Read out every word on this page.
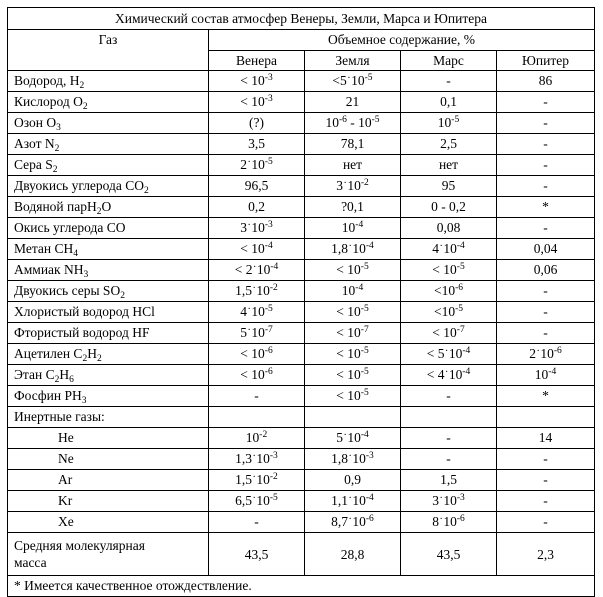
Химический состав атмосфер Венеры, Земли, Марса и Юпитера				
Газ	Объемное содержание, %			
	Венера	Земля	Марс	Юпитер
Водород, $H_2$	< $10^{-3}$	$<5^\cdot 10^{-5}$	-	86
Кислород $O_2$	< $10^{-3}$	21	0,1	-
Озон $O_3$	(?)	$10^{-6} - 10^{-5}$	$10^{-5}$	-
Азот $N_2$	3,5	78,1	2,5	-
Сера $S_2$	$2^\cdot 10^{-5}$	нет	нет	-
Двуокись углерода $CO_2$	96,5	$3^\cdot 10^{-2}$	95	-
Водяной парH$_2$O	0,2	?0,1	0 - 0,2	*
Окись углерода CO	$3^\cdot 10^{-3}$	$10^{-4}$	0,08	-
Метан $CH_4$	< $10^{-4}$	$1,8^\cdot 10^{-4}$	$4^\cdot 10^{-4}$	0,04
Аммиак $NH_3$	< $2^\cdot 10^{-4}$	< $10^{-5}$	< $10^{-5}$	0,06
Двуокись серы $SO_2$	$1,5^\cdot 10^{-2}$	$10^{-4}$	$<10^{-6}$	-
Хлористый водород HCl	$4^\cdot 10^{-5}$	< $10^{-5}$	$<10^{-5}$	-
Фтористый водород HF	$5^\cdot 10^{-7}$	< $10^{-7}$	< $10^{-7}$	-
Ацетилен $C_2H_2$	< $10^{-6}$	< $10^{-5}$	< $5^\cdot 10^{-4}$	$2^\cdot 10^{-6}$
Этан $C_2H_6$	< $10^{-6}$	< $10^{-5}$	< $4^\cdot 10^{-4}$	$10^{-4}$
Фосфин $PH_3$	-	< $10^{-5}$	-	*
Инертные газы:				
He	$10^{-2}$	$5^\cdot 10^{-4}$	-	14
Ne	$1,3^\cdot 10^{-3}$	$1,8^\cdot 10^{-3}$	-	-
Ar	$1,5^\cdot 10^{-2}$	0,9	1,5	-
Kr	$6,5^\cdot 10^{-5}$	$1,1^\cdot 10^{-4}$	$3^\cdot 10^{-3}$	-
Xe	-	$8,7^\cdot 10^{-6}$	$8^\cdot 10^{-6}$	-
Средняя молекулярная
масса	43,5	28,8	43,5	2,3
* Имеется качественное отождествление.				
